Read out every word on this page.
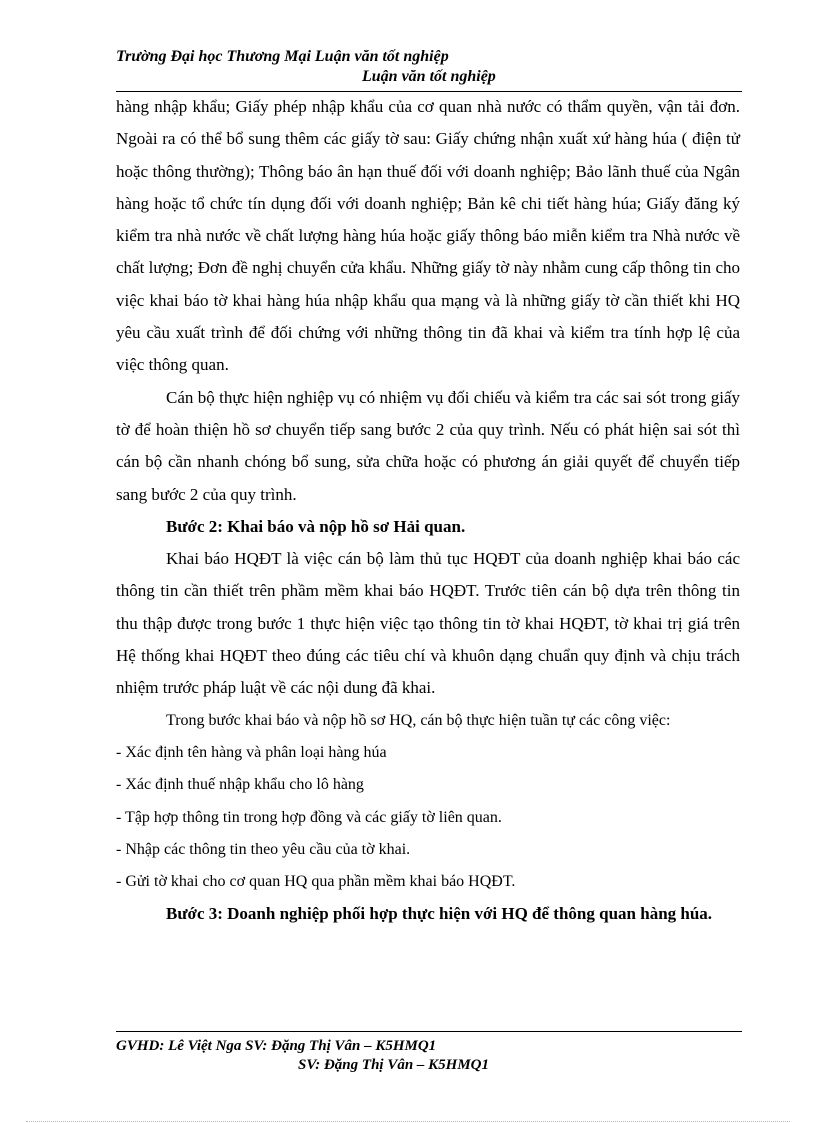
Trường Đại học Thương Mại Luận văn tốt nghiệp
Luận văn tốt nghiệp

hàng nhập khẩu; Giấy phép nhập khẩu của cơ quan nhà nước có thẩm quyền, vận tải đơn. Ngoài ra có thể bổ sung thêm các giấy tờ sau: Giấy chứng nhận xuất xứ hàng húa ( điện tử hoặc thông thường); Thông báo ân hạn thuế đối với doanh nghiệp; Bảo lãnh thuế của Ngân hàng hoặc tổ chức tín dụng đối với doanh nghiệp; Bản kê chi tiết hàng húa; Giấy đăng ký kiểm tra nhà nước về chất lượng hàng húa hoặc giấy thông báo miễn kiểm tra Nhà nước về chất lượng; Đơn đề nghị chuyển cửa khẩu. Những giấy tờ này nhằm cung cấp thông tin cho việc khai báo tờ khai hàng húa nhập khẩu qua mạng và là những giấy tờ cần thiết khi HQ yêu cầu xuất trình để đối chứng với những thông tin đã khai và kiểm tra tính hợp lệ của việc thông quan.

Cán bộ thực hiện nghiệp vụ có nhiệm vụ đối chiếu và kiểm tra các sai sót trong giấy tờ để hoàn thiện hồ sơ chuyển tiếp sang bước 2 của quy trình. Nếu có phát hiện sai sót thì cán bộ cần nhanh chóng bổ sung, sửa chữa hoặc có phương án giải quyết để chuyển tiếp sang bước 2 của quy trình.

Bước 2: Khai báo và nộp hồ sơ Hải quan.

Khai báo HQĐT là việc cán bộ làm thủ tục HQĐT của doanh nghiệp khai báo các thông tin cần thiết trên phầm mềm khai báo HQĐT. Trước tiên cán bộ dựa trên thông tin thu thập được trong bước 1 thực hiện việc tạo thông tin tờ khai HQĐT, tờ khai trị giá trên Hệ thống khai HQĐT theo đúng các tiêu chí và khuôn dạng chuẩn quy định và chịu trách nhiệm trước pháp luật về các nội dung đã khai.

Trong bước khai báo và nộp hồ sơ HQ, cán bộ thực hiện tuần tự các công việc:

- Xác định tên hàng và phân loại hàng húa

- Xác định thuế nhập khẩu cho lô hàng

- Tập hợp thông tin trong hợp đồng và các giấy tờ liên quan.

- Nhập các thông tin theo yêu cầu của tờ khai.

- Gửi tờ khai cho cơ quan HQ qua phần mềm khai báo HQĐT.

Bước 3: Doanh nghiệp phối hợp thực hiện với HQ để thông quan hàng húa.

GVHD: Lê Việt Nga SV: Đặng Thị Vân – K5HMQ1
SV: Đặng Thị Vân – K5HMQ1
